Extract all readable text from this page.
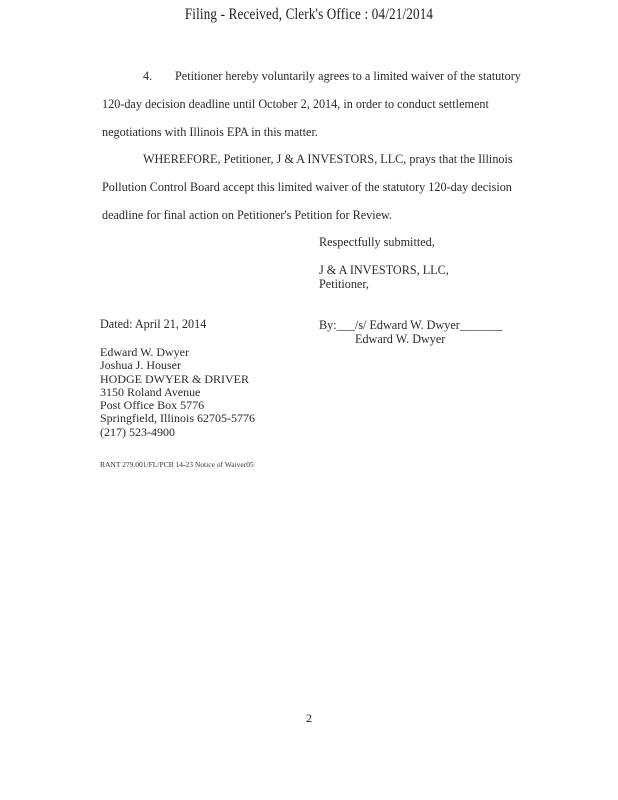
Filing - Received, Clerk's Office : 04/21/2014
4. Petitioner hereby voluntarily agrees to a limited waiver of the statutory
120-day decision deadline until October 2, 2014, in order to conduct settlement
negotiations with Illinois EPA in this matter.
WHEREFORE, Petitioner, J & A INVESTORS, LLC, prays that the Illinois
Pollution Control Board accept this limited waiver of the statutory 120-day decision
deadline for final action on Petitioner's Petition for Review.
Respectfully submitted,
J & A INVESTORS, LLC,
Petitioner,
Dated: April 21, 2014	By:___/s/ Edward W. Dwyer_______
Edward W. Dwyer
Edward W. Dwyer
Joshua J. Houser
HODGE DWYER & DRIVER
3150 Roland Avenue
Post Office Box 5776
Springfield, Illinois 62705-5776
(217) 523-4900
RANT 279.001/FL/PCB 14-23 Notice of Waiver05
2
